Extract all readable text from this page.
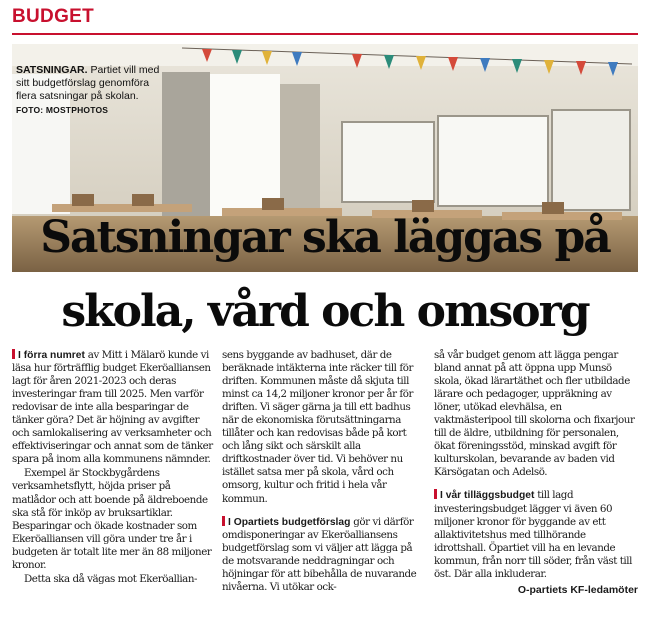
BUDGET
SATSNINGAR. Partiet vill med sitt budgetförslag genomföra flera satsningar på skolan.
FOTO: MOSTPHOTOS
Satsningar ska läggas på
skola, vård och omsorg

I förra numret av Mitt i Mälarö kunde vi läsa hur förträfflig budget Ekeröalliansen lagt för åren 2021-2023 och deras investeringar fram till 2025. Men varför redovisar de inte alla besparingar de tänker göra? Det är höjning av avgifter och samlokalisering av verksamheter och effektiviseringar och annat som de tänker spara på inom alla kommunens nämnder.

Exempel är Stockbygårdens verksamhetsflytt, höjda priser på matlådor och att boende på äldreboende ska stå för inköp av bruksartiklar. Besparingar och ökade kostnader som Ekeröalliansen vill göra under tre år i budgeten är totalt lite mer än 88 miljoner kronor.

Detta ska då vägas mot Ekeröallian-

sens byggande av badhuset, där de beräknade intäkterna inte räcker till för driften. Kommunen måste då skjuta till minst ca 14,2 miljoner kronor per år för driften. Vi säger gärna ja till ett badhus när de ekonomiska förutsättningarna tillåter och kan redovisas både på kort och lång sikt och särskilt alla driftkostnader över tid. Vi behöver nu istället satsa mer på skola, vård och omsorg, kultur och fritid i hela vår kommun.

I Opartiets budgetförslag gör vi därför omdisponeringar av Ekeröalliansens budgetförslag som vi väljer att lägga på de motsvarande neddragningar och höjningar för att bibehålla de nuvarande nivåerna. Vi utökar ock-

så vår budget genom att lägga pengar bland annat på att öppna upp Munsö skola, ökad lärartäthet och fler utbildade lärare och pedagoger, uppräkning av löner, utökad elevhälsa, en vaktmästeripool till skolorna och fixarjour till de äldre, utbildning för personalen, ökat föreningsstöd, minskad avgift för kulturskolan, bevarande av baden vid Kärsögatan och Adelsö.

I vår tilläggsbudget till lagd investeringsbudget lägger vi även 60 miljoner kronor för byggande av ett allaktivitetshus med tillhörande idrottshall. Öpartiet vill ha en levande kommun, från norr till söder, från väst till öst. Där alla inkluderar.

O-partiets KF-ledamöter
